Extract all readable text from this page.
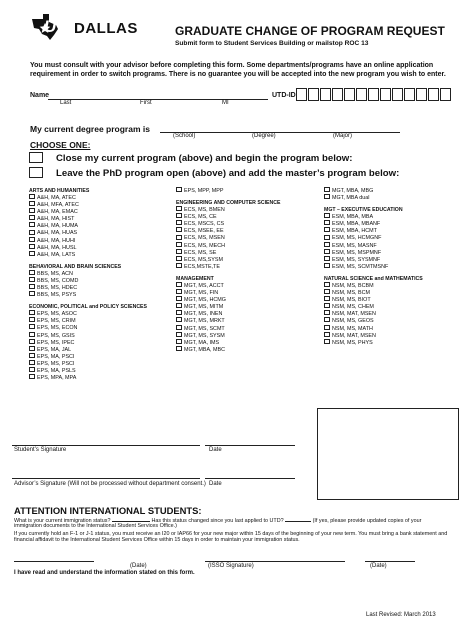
UT DALLAS	GRADUATE CHANGE OF PROGRAM REQUEST
Submit form to Student Services Building or mailstop ROC 13
You must consult with your advisor before completing this form. Some departments/programs have an online application requirement in order to switch programs. There is no guarantee you will be accepted into the new program you wish to enter.
Name
Last	First	MI
UTD-ID
My current degree program is
(School)	(Degree)	(Major)
CHOOSE ONE:
Close my current program (above) and begin the program below:
Leave the PhD program open (above) and add the master’s program below:
ARTS AND HUMANITIES
A&H, MA, ATEC
A&H, MFA, ATEC
A&H, MA, EMAC
A&H, MA, HIST
A&H, MA, HUMA
A&H, MA, HUAS
A&H, MA, HUHI
A&H, MA, HUSL
A&H, MA, LATS
BEHAVIORAL AND BRAIN SCIENCES
BBS, MS, ACN
BBS, MS, COMD
BBS, MS, HDEC
BBS, MS, PSYS
ECONOMIC, POLITICAL and POLICY SCIENCES
EPS, MS, ASOC
EPS, MS, CRIM
EPS, MS, ECON
EPS, MS, GSIS
EPS, MS, IPEC
EPS, MA, JAL
EPS, MA, PSCI
EPS, MS, PSCI
EPS, MA, PSLS
EPS, MPA, MPA
EPS, MPP, MPP
ENGINEERING AND COMPUTER SCIENCE
ECS, MS, BMEN
ECS, MS, CE
ECS, MSCS, CS
ECS, MSEE, EE
ECS, MS, MSEN
ECS, MS, MECH
ECS, MS, SE
ECS, MS,SYSM
ECS,MSTE,TE
MANAGEMENT
MGT, MS, ACCT
MGT, MS, FIN
MGT, MS, HCMG
MGT, MS, MITM
MGT, MS, INEN
MGT, MS, MRKT
MGT, MS, SCMT
MGT, MS, SYSM
MGT, MA, IMS
MGT, MBA, MBC
MGT, MBA, MBG
MGT, MBA dual
MGT – EXECUTIVE EDUCATION
ESM, MBA, MBA
ESM, MBA, MBANF
ESM, MBA, HCMT
ESM, MS, HCMGNF
ESM, MS, MASNF
ESM, MS, MSPMNF
ESM, MS, SYSMNF
ESM, MS, SCMTMSNF
NATURAL SCIENCE and MATHEMATICS
NSM, MS, BCBM
NSM, MS, BCM
NSM, MS, BIOT
NSM, MS, CHEM
NSM, MAT, MSEN
NSM, MS, GEOS
NSM, MS, MATH
NSM, MAT, MSEN
NSM, MS, PHYS
Student’s Signature	Date
Advisor’s Signature (Will not be processed without department consent.) Date
ATTENTION INTERNATIONAL STUDENTS:
What is your current immigration status?	Has this status changed since you last applied to UTD?	(If yes, please provide updated copies of your
immigration documents to the International Student Services Office.)
If you currently hold an F-1 or J-1 status, you must receive an I20 or IAP66 for your new major within 15 days of the beginning of your new term. You must bring a bank statement and financial affidavit to the International Student Services Office within 15 days in order to maintain your immigration status.
(Date)	(ISSO Signature)	(Date)
I have read and understand the information stated on this form.
Last Revised: March 2013
